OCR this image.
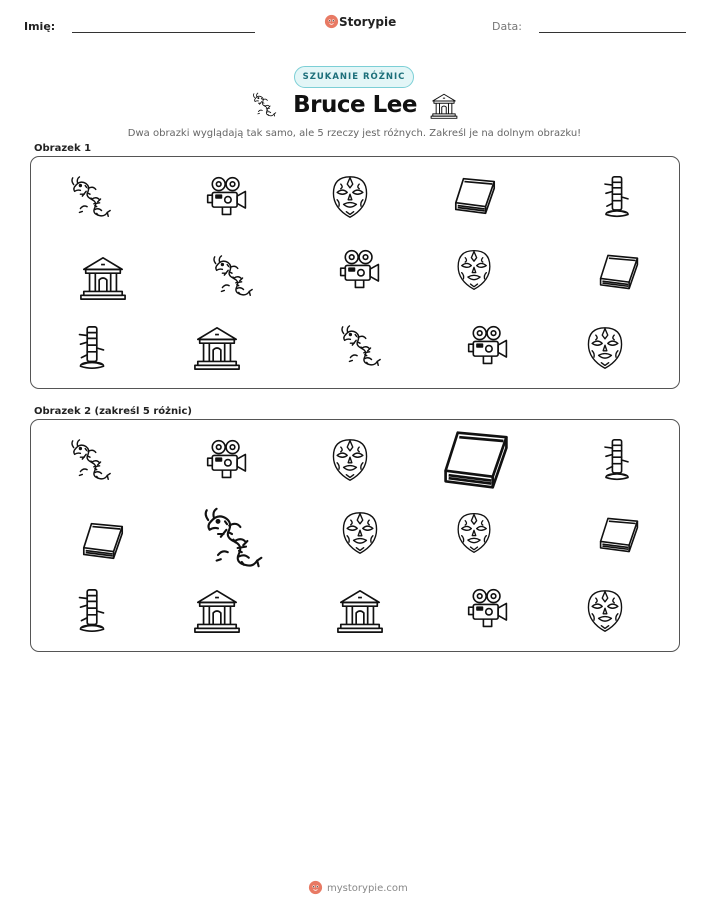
Imię:	Storypie	Data:
SZUKANIE RÓŻNIC
Bruce Lee
Dwa obrazki wyglądają tak samo, ale 5 rzeczy jest różnych. Zakreśl je na dolnym obrazku!
Obrazek 1
Obrazek 2 (zakreśl 5 różnic)
mystorypie.com
